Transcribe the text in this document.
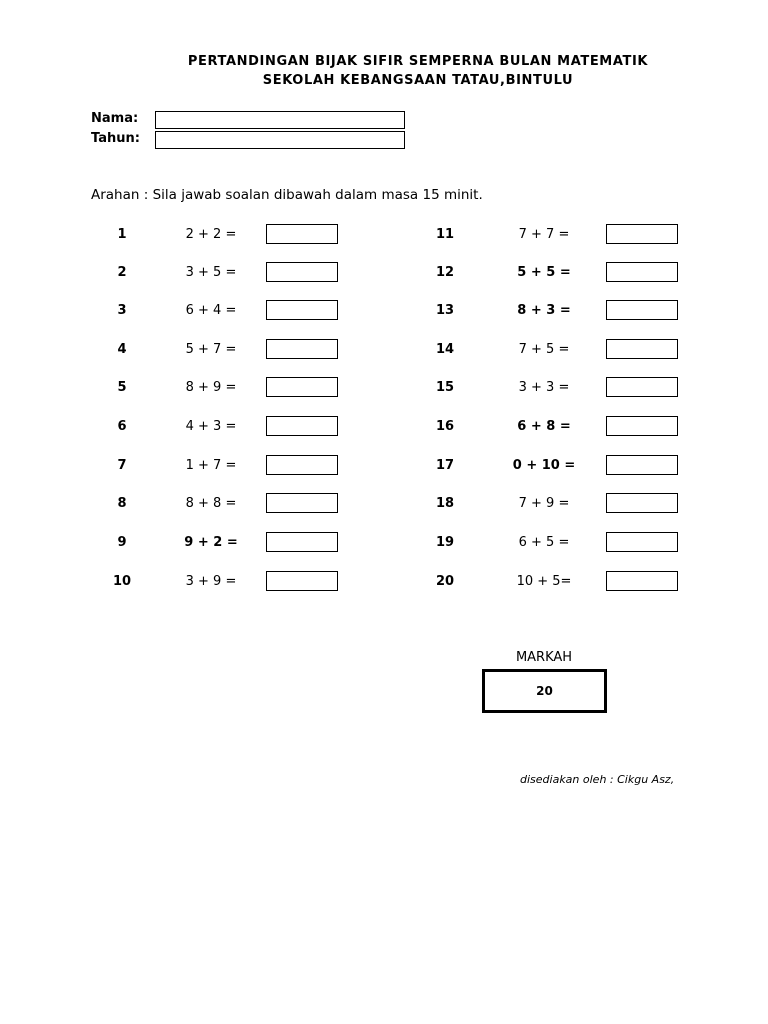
PERTANDINGAN BIJAK SIFIR SEMPERNA BULAN MATEMATIK
SEKOLAH KEBANGSAAN TATAU,BINTULU
Nama:
Tahun:
Arahan : Sila jawab soalan dibawah dalam masa 15 minit.
1	2 + 2 =
2	3 + 5 =
3	6 + 4 =
4	5 + 7 =
5	8 + 9 =
6	4 + 3 =
7	1 + 7 =
8	8 + 8 =
9	9 + 2 =
10	3 + 9 =
11	7 + 7 =
12	5 + 5 =
13	8 + 3 =
14	7 + 5 =
15	3 + 3 =
16	6 + 8 =
17	0 + 10 =
18	7 + 9 =
19	6 + 5 =
20	10 + 5=
MARKAH
20
disediakan oleh : Cikgu Asz,
